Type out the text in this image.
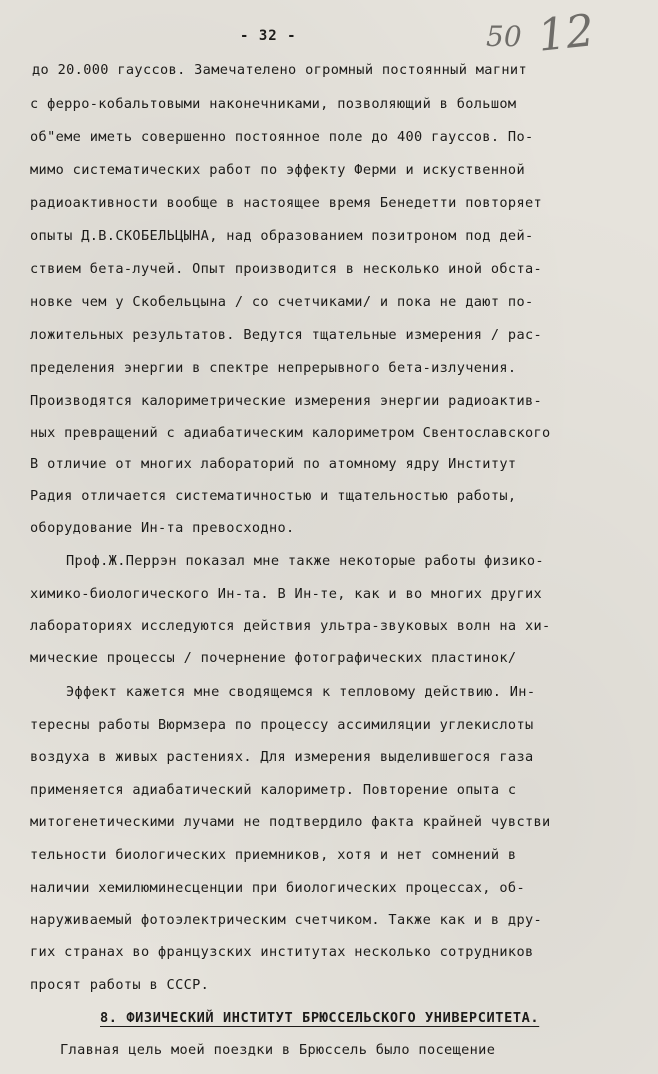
- 32 -	50 12
до 20.000 гауссов. Замечателено огромный постоянный магнит
с ферро-кобальтовыми наконечниками, позволяющий в большом
об"еме иметь совершенно постоянное поле до 400 гауссов. По-
мимо систематических работ по эффекту Ферми и искуственной
радиоактивности вообще в настоящее время Бенедетти повторяет
опыты Д.В.СКОБЕЛЬЦЫНА, над образованием позитроном под дей-
ствием бета-лучей. Опыт производится в несколько иной обста-
новке чем у Скобельцына / со счетчиками/ и пока не дают по-
ложительных результатов. Ведутся тщательные измерения / рас-
пределения энергии в спектре непрерывного бета-излучения.
Производятся калориметрические измерения энергии радиоактив-
ных превращений с адиабатическим калориметром Свентославского
В отличие от многих лабораторий по атомному ядру Институт
Радия отличается систематичностью и тщательностью работы,
оборудование Ин-та превосходно.
Проф.Ж.Перрэн показал мне также некоторые работы физико-
химико-биологического Ин-та. В Ин-те, как и во многих других
лабораториях исследуются действия ультра-звуковых волн на хи-
мические процессы / почернение фотографических пластинок/
Эффект кажется мне сводящемся к тепловому действию. Ин-
тересны работы Вюрмзера по процессу ассимиляции углекислоты
воздуха в живых растениях. Для измерения выделившегося газа
применяется адиабатический калориметр. Повторение опыта с
митогенетическими лучами не подтвердило факта крайней чувстви
тельности биологических приемников, хотя и нет сомнений в
наличии хемилюминесценции при биологических процессах, об-
наруживаемый фотоэлектрическим счетчиком. Также как и в дру-
гих странах во французских институтах несколько сотрудников
просят работы в СССР.
8. ФИЗИЧЕСКИЙ ИНСТИТУТ БРЮССЕЛЬСКОГО УНИВЕРСИТЕТА.
Главная цель моей поездки в Брюссель было посещение
